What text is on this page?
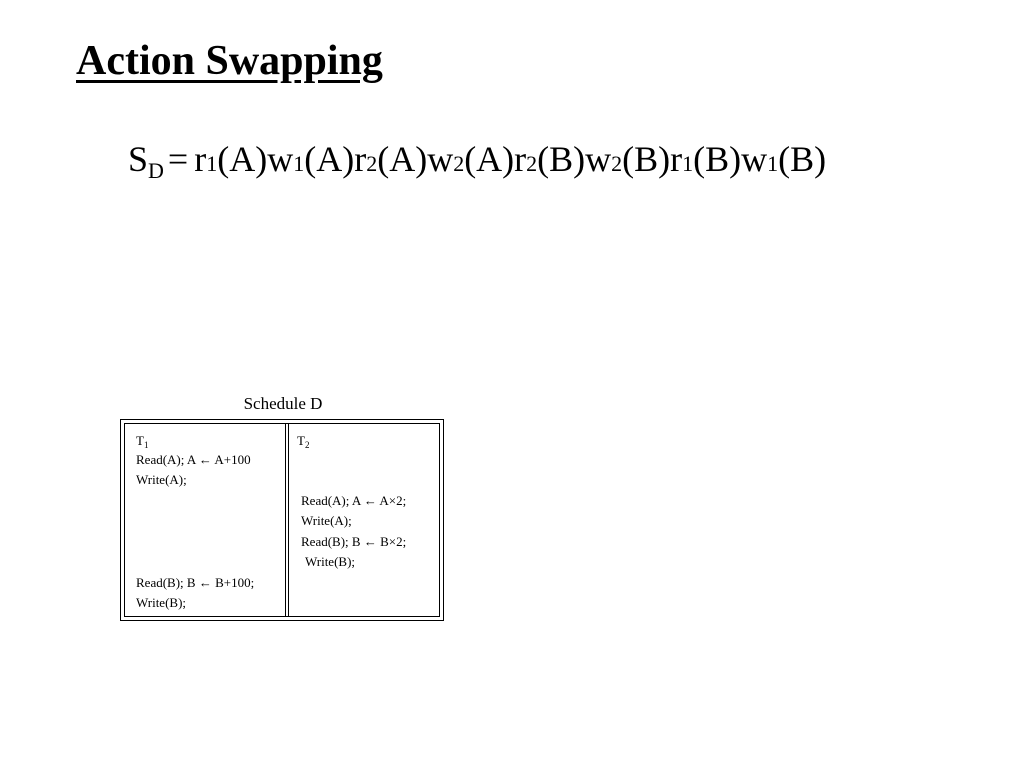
Action Swapping
$S_D = r$ 1 (A) w 1 (A) r 2 (A) w 2 (A) r 2 (B) w 2 (B) r 1 (B) w 1 (B)
Schedule D
$T_1$	$T_2$
Read(A); A ← A+100
Write(A);
Read(A); A ← A×2;
Write(A);
Read(B); B ← B×2;
Write(B);
Read(B); B ← B+100;
Write(B);
